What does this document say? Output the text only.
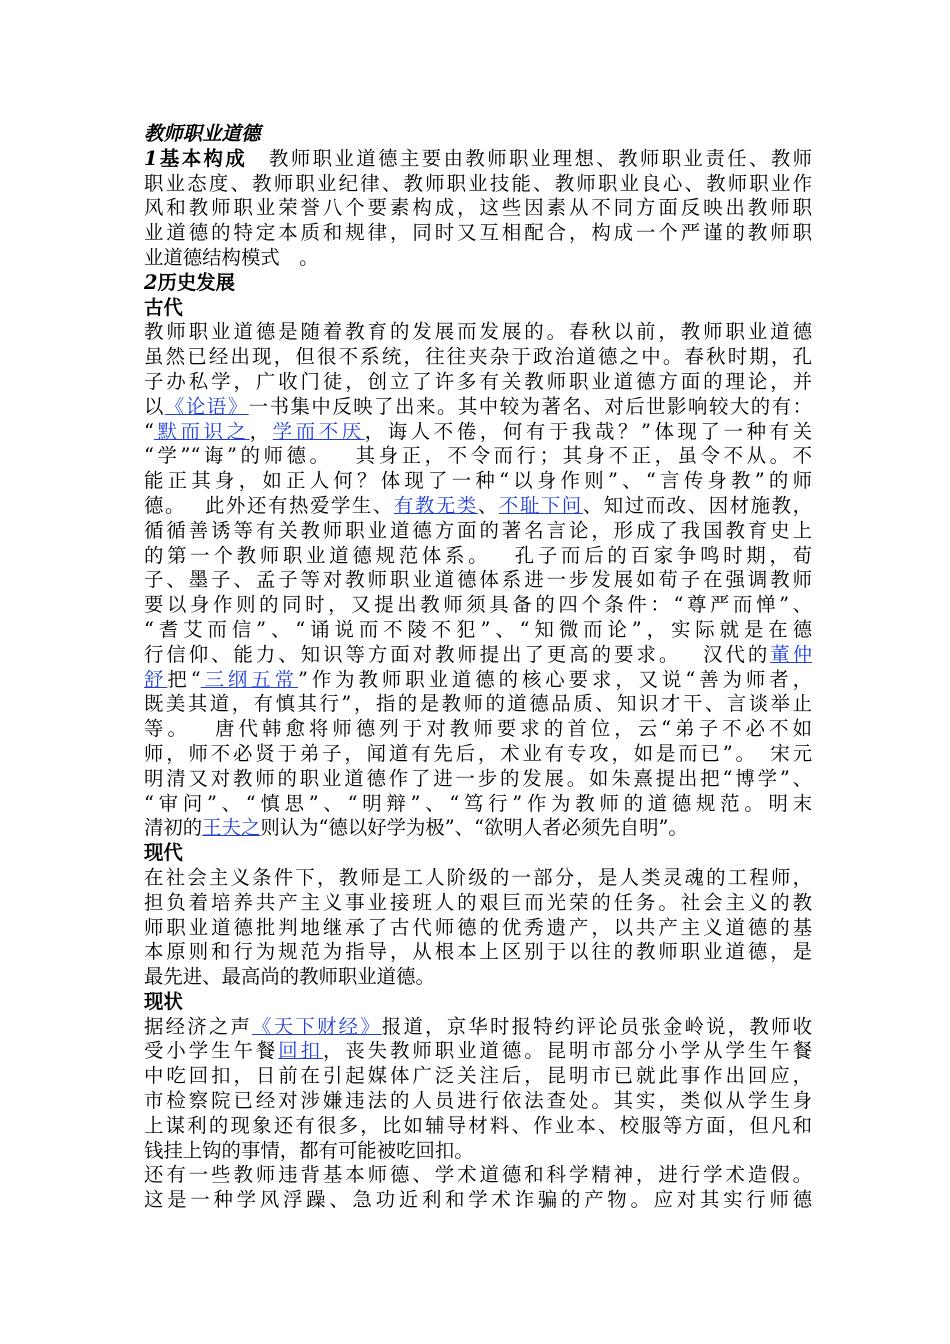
教师职业道德
1基本构成　 教师职业道德主要由教师职业理想、教师职业责任、教师
职业态度、教师职业纪律、教师职业技能、教师职业良心、教师职业作
风和教师职业荣誉八个要素构成，这些因素从不同方面反映出教师职
业道德的特定本质和规律，同时又互相配合，构成一个严谨的教师职
业道德结构模式　。
2历史发展
古代
教师职业道德是随着教育的发展而发展的。春秋以前，教师职业道德
虽然已经出现，但很不系统，往往夹杂于政治道德之中。春秋时期，孔
子办私学，广收门徒，创立了许多有关教师职业道德方面的理论，并
以《论语》一书集中反映了出来。其中较为著名、对后世影响较大的有：
“默而识之，学而不厌，诲人不倦，何有于我哉？”体现了一种有关
“学”“诲”的师德。　 其身正，不令而行；其身不正，虽令不从。不
能正其身，如正人何？体现了一种“以身作则”、“言传身教”的师
德。　 此外还有热爱学生、有教无类、不耻下问、知过而改、因材施教，
循循善诱等有关教师职业道德方面的著名言论，形成了我国教育史上
的第一个教师职业道德规范体系。　 孔子而后的百家争鸣时期，荀
子、墨子、孟子等对教师职业道德体系进一步发展如荀子在强调教师
要以身作则的同时，又提出教师须具备的四个条件：“尊严而惮”、
“耆艾而信”、“诵说而不陵不犯”、“知微而论”，实际就是在德
行信仰、能力、知识等方面对教师提出了更高的要求。　 汉代的董仲
舒把“三纲五常”作为教师职业道德的核心要求，又说“善为师者，
既美其道，有慎其行”，指的是教师的道德品质、知识才干、言谈举止
等。　 唐代韩愈将师德列于对教师要求的首位，云“弟子不必不如
师，师不必贤于弟子，闻道有先后，术业有专攻，如是而已”。　宋元
明清又对教师的职业道德作了进一步的发展。如朱熹提出把“博学”、
“审问”、“慎思”、“明辩”、“笃行”作为教师的道德规范。明末
清初的王夫之则认为“德以好学为极”、“欲明人者必须先自明”。
现代
在社会主义条件下，教师是工人阶级的一部分，是人类灵魂的工程师，
担负着培养共产主义事业接班人的艰巨而光荣的任务。社会主义的教
师职业道德批判地继承了古代师德的优秀遗产，以共产主义道德的基
本原则和行为规范为指导，从根本上区别于以往的教师职业道德，是
最先进、最高尚的教师职业道德。
现状
据经济之声《天下财经》报道，京华时报特约评论员张金岭说，教师收
受小学生午餐回扣，丧失教师职业道德。昆明市部分小学从学生午餐
中吃回扣，日前在引起媒体广泛关注后，昆明市已就此事作出回应，
市检察院已经对涉嫌违法的人员进行依法查处。其实，类似从学生身
上谋利的现象还有很多，比如辅导材料、作业本、校服等方面，但凡和
钱挂上钩的事情，都有可能被吃回扣。
还有一些教师违背基本师德、学术道德和科学精神，进行学术造假。
这是一种学风浮躁、急功近利和学术诈骗的产物。应对其实行师德
